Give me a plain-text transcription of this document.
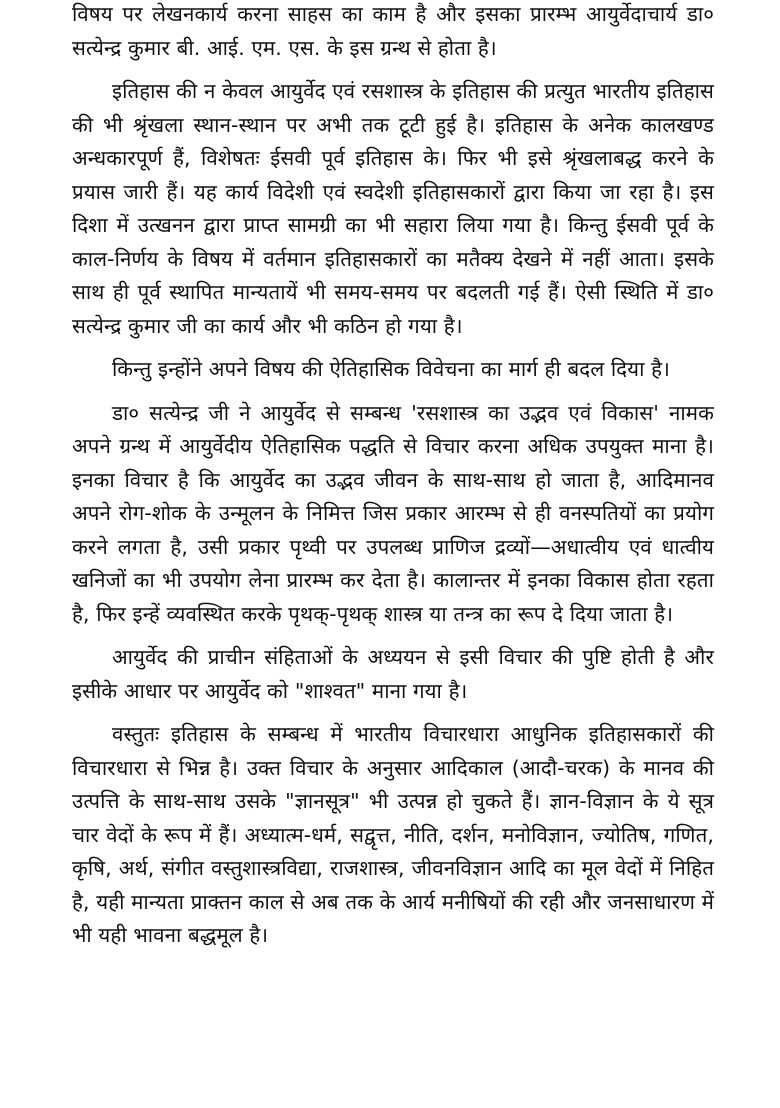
विषय पर लेखनकार्य करना साहस का काम है और इसका प्रारम्भ आयुर्वेदाचार्य डा० सत्येन्द्र कुमार बी. आई. एम. एस. के इस ग्रन्थ से होता है।

इतिहास की न केवल आयुर्वेद एवं रसशास्त्र के इतिहास की प्रत्युत भारतीय इतिहास की भी श्रृंखला स्थान-स्थान पर अभी तक टूटी हुई है। इतिहास के अनेक कालखण्ड अन्धकारपूर्ण हैं, विशेषतः ईसवी पूर्व इतिहास के। फिर भी इसे श्रृंखलाबद्ध करने के प्रयास जारी हैं। यह कार्य विदेशी एवं स्वदेशी इतिहासकारों द्वारा किया जा रहा है। इस दिशा में उत्खनन द्वारा प्राप्त सामग्री का भी सहारा लिया गया है। किन्तु ईसवी पूर्व के काल-निर्णय के विषय में वर्तमान इतिहासकारों का मतैक्य देखने में नहीं आता। इसके साथ ही पूर्व स्थापित मान्यतायें भी समय-समय पर बदलती गई हैं। ऐसी स्थिति में डा० सत्येन्द्र कुमार जी का कार्य और भी कठिन हो गया है।

किन्तु इन्होंने अपने विषय की ऐतिहासिक विवेचना का मार्ग ही बदल दिया है।

डा० सत्येन्द्र जी ने आयुर्वेद से सम्बन्ध 'रसशास्त्र का उद्भव एवं विकास' नामक अपने ग्रन्थ में आयुर्वेदीय ऐतिहासिक पद्धति से विचार करना अधिक उपयुक्त माना है। इनका विचार है कि आयुर्वेद का उद्भव जीवन के साथ-साथ हो जाता है, आदिमानव अपने रोग-शोक के उन्मूलन के निमित्त जिस प्रकार आरम्भ से ही वनस्पतियों का प्रयोग करने लगता है, उसी प्रकार पृथ्वी पर उपलब्ध प्राणिज द्रव्यों—अधात्वीय एवं धात्वीय खनिजों का भी उपयोग लेना प्रारम्भ कर देता है। कालान्तर में इनका विकास होता रहता है, फिर इन्हें व्यवस्थित करके पृथक्-पृथक् शास्त्र या तन्त्र का रूप दे दिया जाता है।

आयुर्वेद की प्राचीन संहिताओं के अध्ययन से इसी विचार की पुष्टि होती है और इसीके आधार पर आयुर्वेद को "शाश्वत" माना गया है।

वस्तुतः इतिहास के सम्बन्ध में भारतीय विचारधारा आधुनिक इतिहासकारों की विचारधारा से भिन्न है। उक्त विचार के अनुसार आदिकाल (आदौ-चरक) के मानव की उत्पत्ति के साथ-साथ उसके "ज्ञानसूत्र" भी उत्पन्न हो चुकते हैं। ज्ञान-विज्ञान के ये सूत्र चार वेदों के रूप में हैं। अध्यात्म-धर्म, सद्वृत्त, नीति, दर्शन, मनोविज्ञान, ज्योतिष, गणित, कृषि, अर्थ, संगीत वस्तुशास्त्रविद्या, राजशास्त्र, जीवनविज्ञान आदि का मूल वेदों में निहित है, यही मान्यता प्राक्तन काल से अब तक के आर्य मनीषियों की रही और जनसाधारण में भी यही भावना बद्धमूल है।
